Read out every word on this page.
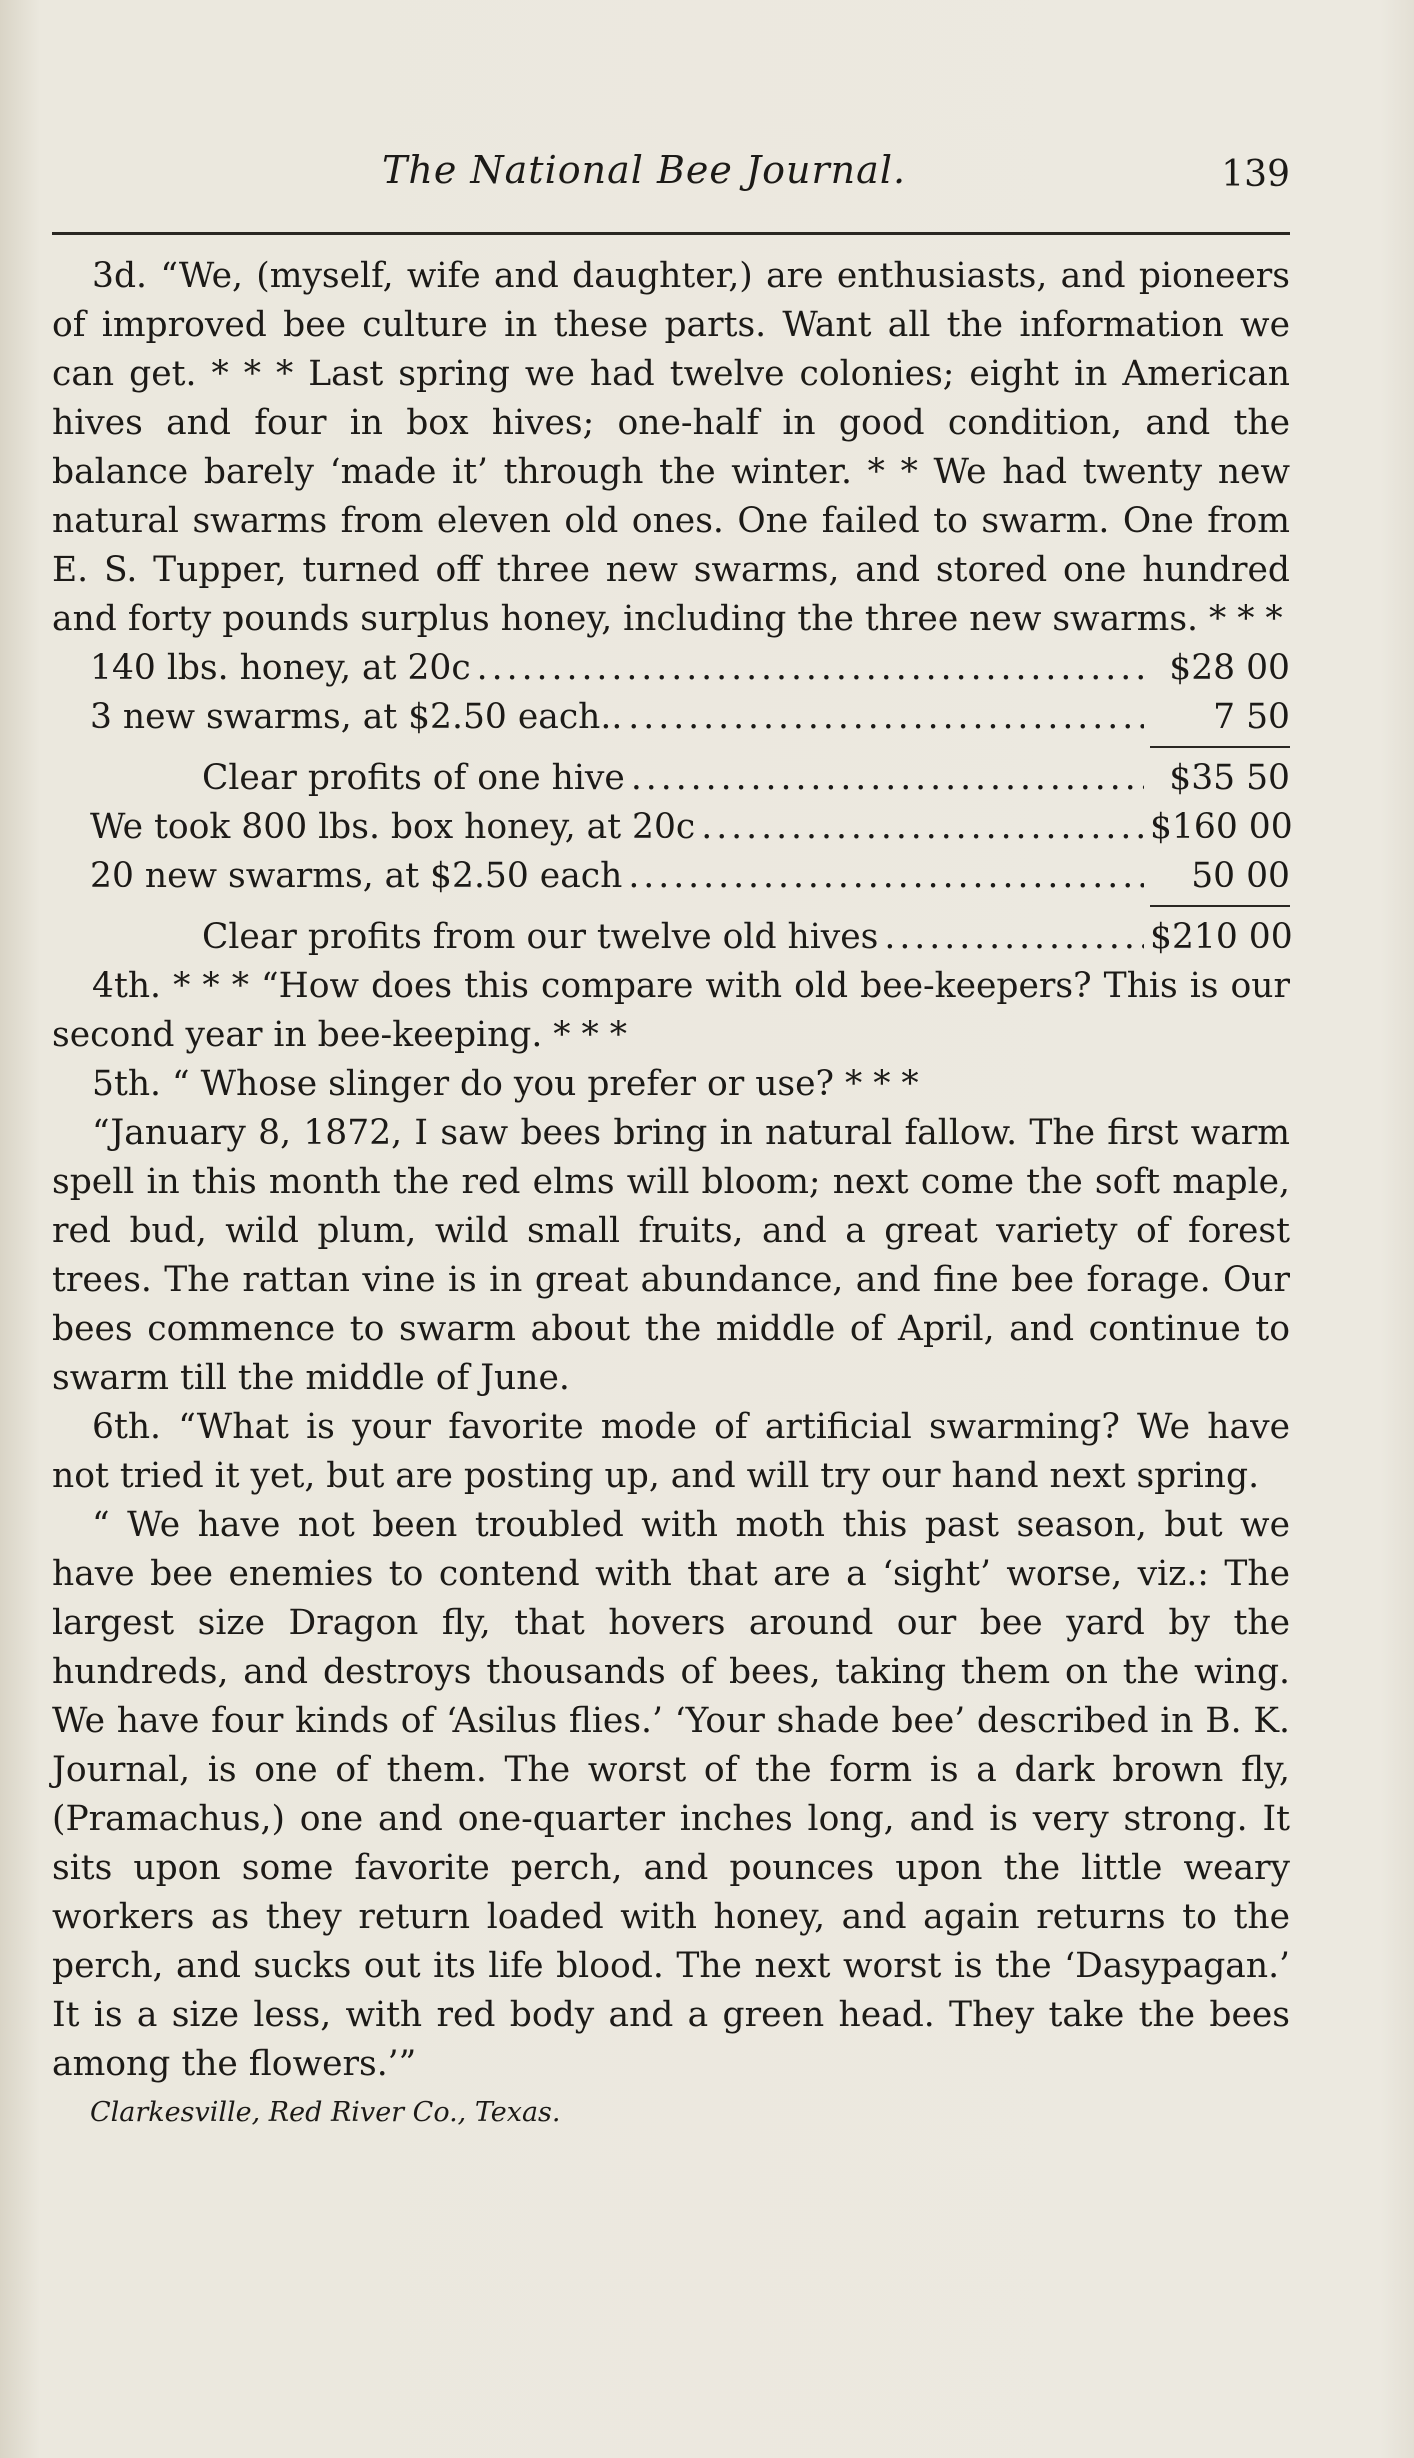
The National Bee Journal.	139

3d. “We, (myself, wife and daughter,) are enthusiasts, and pioneers of improved bee culture in these parts. Want all the information we can get. * * * Last spring we had twelve colonies; eight in American hives and four in box hives; one-half in good condition, and the balance barely ‘made it’ through the winter. * * We had twenty new natural swarms from eleven old ones. One failed to swarm. One from E. S. Tupper, turned off three new swarms, and stored one hundred and forty pounds surplus honey, including the three new swarms. * * *

140 lbs. honey, at 20c .....	$28 00
3 new swarms, at $2.50 each.. .....	7 50
Clear profits of one hive .....	$35 50
We took 800 lbs. box honey, at 20c .....	$160 00
20 new swarms, at $2.50 each .....	50 00
Clear profits from our twelve old hives .....	$210 00

4th. * * * “How does this compare with old bee-keepers? This is our second year in bee-keeping. * * *

5th. “ Whose slinger do you prefer or use? * * *

“January 8, 1872, I saw bees bring in natural fallow. The first warm spell in this month the red elms will bloom; next come the soft maple, red bud, wild plum, wild small fruits, and a great variety of forest trees. The rattan vine is in great abundance, and fine bee forage. Our bees commence to swarm about the middle of April, and continue to swarm till the middle of June.

6th. “What is your favorite mode of artificial swarming? We have not tried it yet, but are posting up, and will try our hand next spring.

“ We have not been troubled with moth this past season, but we have bee enemies to contend with that are a ‘sight’ worse, viz.: The largest size Dragon fly, that hovers around our bee yard by the hundreds, and destroys thousands of bees, taking them on the wing. We have four kinds of ‘Asilus flies.’ ‘Your shade bee’ described in B. K. Journal, is one of them. The worst of the form is a dark brown fly, (Pramachus,) one and one-quarter inches long, and is very strong. It sits upon some favorite perch, and pounces upon the little weary workers as they return loaded with honey, and again returns to the perch, and sucks out its life blood. The next worst is the ‘Dasypagan.’ It is a size less, with red body and a green head. They take the bees among the flowers.’”

Clarkesville, Red River Co., Texas.
